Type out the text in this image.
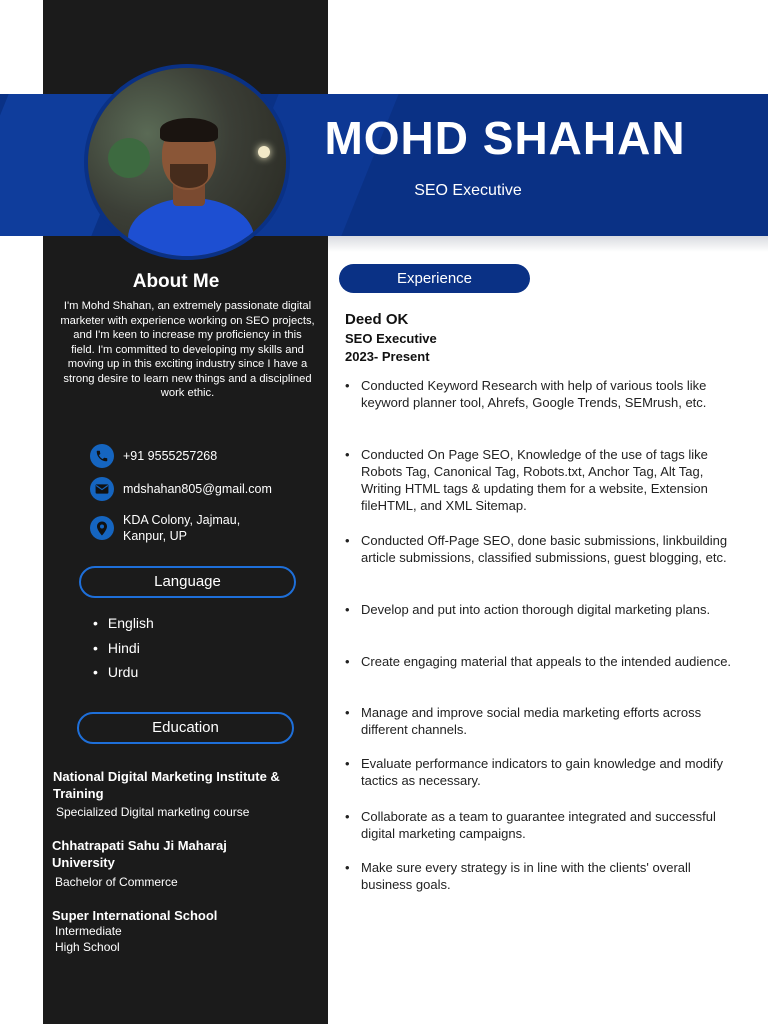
MOHD SHAHAN
SEO Executive
About Me
I'm Mohd Shahan, an extremely passionate digital marketer with experience working on SEO projects, and I'm keen to increase my proficiency in this field. I'm committed to developing my skills and moving up in this exciting industry since I have a strong desire to learn new things and a disciplined work ethic.
+91 9555257268
mdshahan805@gmail.com
KDA Colony, Jajmau,
Kanpur, UP
Language
• English
• Hindi
• Urdu
Education
National Digital Marketing Institute & Training
Specialized Digital marketing course
Chhatrapati Sahu Ji Maharaj University
Bachelor of Commerce
Super International School
Intermediate
High School
Experience
Deed OK
SEO Executive
2023- Present
• Conducted Keyword Research with help of various tools like keyword planner tool, Ahrefs, Google Trends, SEMrush, etc.
• Conducted On Page SEO, Knowledge of the use of tags like Robots Tag, Canonical Tag, Robots.txt, Anchor Tag, Alt Tag, Writing HTML tags & updating them for a website, Extension fileHTML, and XML Sitemap.
• Conducted Off-Page SEO, done basic submissions, linkbuilding article submissions, classified submissions, guest blogging, etc.
• Develop and put into action thorough digital marketing plans.
• Create engaging material that appeals to the intended audience.
• Manage and improve social media marketing efforts across different channels.
• Evaluate performance indicators to gain knowledge and modify tactics as necessary.
• Collaborate as a team to guarantee integrated and successful digital marketing campaigns.
• Make sure every strategy is in line with the clients' overall business goals.
